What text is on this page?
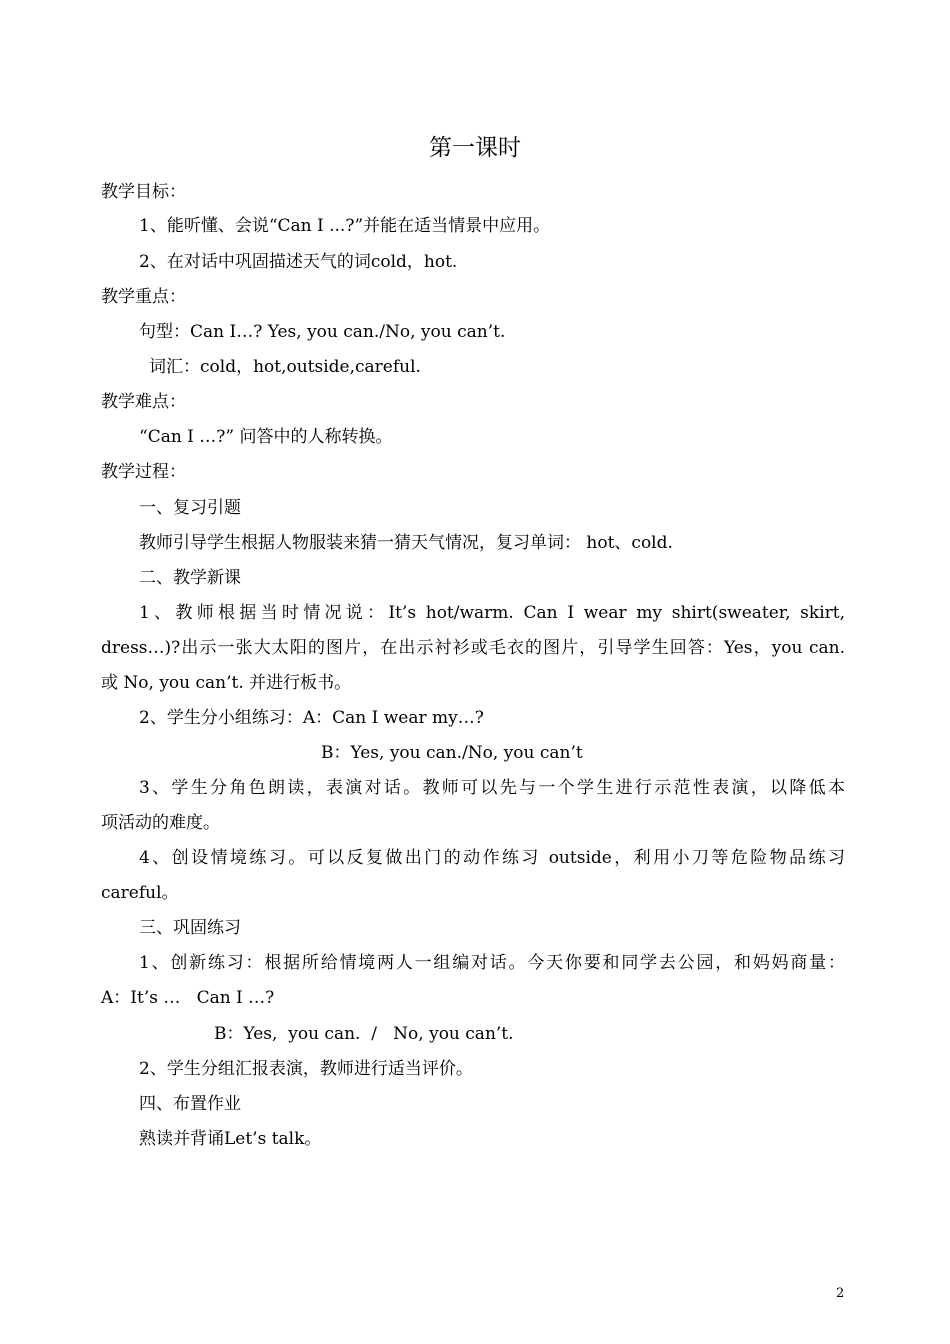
第一课时
教学目标：
1、能听懂、会说“Can I ...?”并能在适当情景中应用。
2、在对话中巩固描述天气的词cold，hot.
教学重点：
句型：Can I…? Yes, you can./No, you can’t.
词汇：cold，hot,outside,careful.
教学难点：
“Can I …?” 问答中的人称转换。
教学过程：
一、复习引题
教师引导学生根据人物服装来猜一猜天气情况，复习单词： hot、cold.
二、教学新课
1、教师根据当时情况说：It’s hot/warm. Can I wear my shirt(sweater, skirt,
dress…)?出示一张大太阳的图片，在出示衬衫或毛衣的图片，引导学生回答：Yes，you can.
或 No, you can’t. 并进行板书。
2、学生分小组练习：A：Can I wear my…?
B：Yes, you can./No, you can’t
3、学生分角色朗读，表演对话。教师可以先与一个学生进行示范性表演，以降低本
项活动的难度。
4、创设情境练习。可以反复做出门的动作练习 outside，利用小刀等危险物品练习
careful。
三、巩固练习
1、创新练习：根据所给情境两人一组编对话。今天你要和同学去公园，和妈妈商量：
A：It’s …   Can I …?
B：Yes,  you can.  /   No, you can’t.
2、学生分组汇报表演，教师进行适当评价。
四、布置作业
熟读并背诵Let’s talk。
2
